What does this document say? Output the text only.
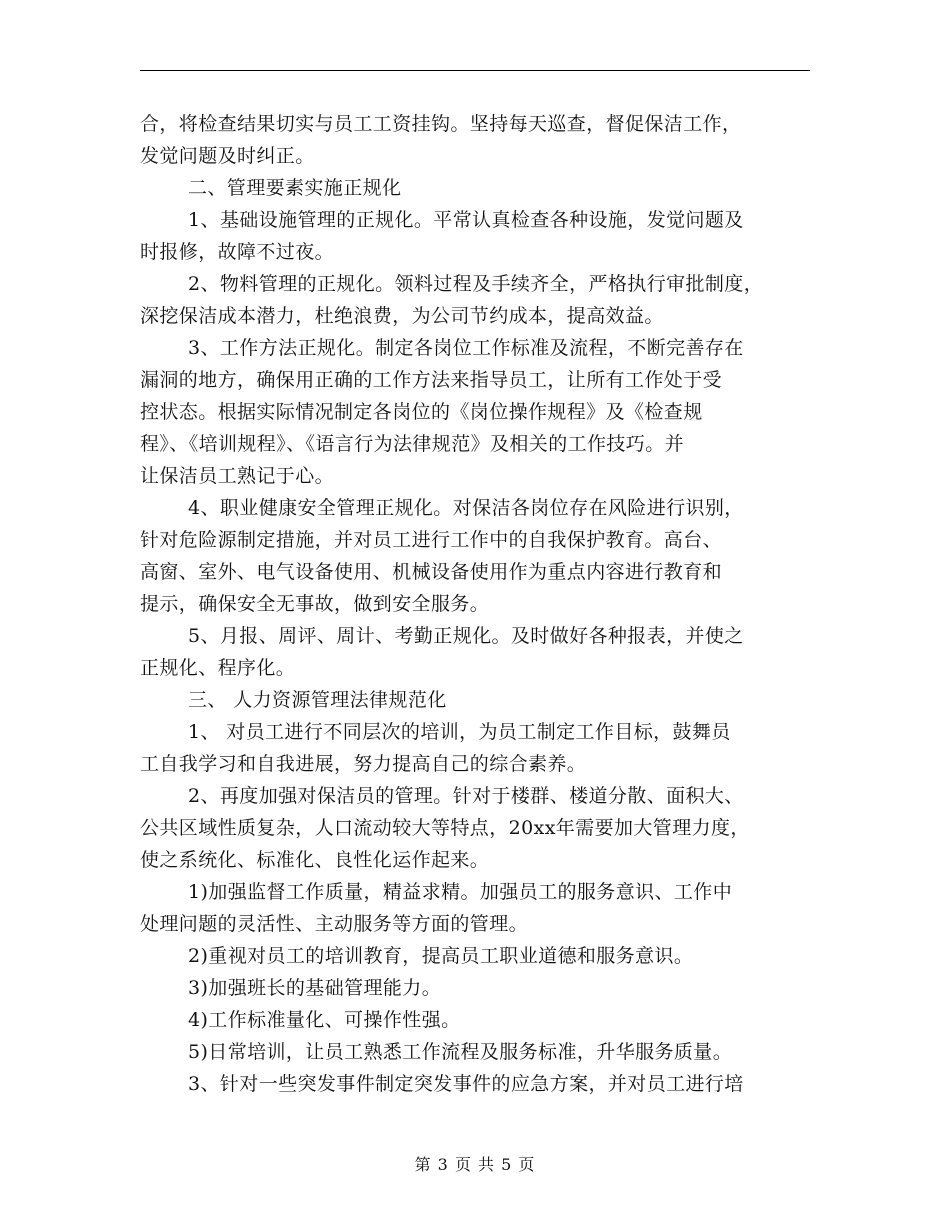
合，将检查结果切实与员工工资挂钩。坚持每天巡查，督促保洁工作，
发觉问题及时纠正。
二、管理要素实施正规化
1、基础设施管理的正规化。平常认真检查各种设施，发觉问题及
时报修，故障不过夜。
2、物料管理的正规化。领料过程及手续齐全，严格执行审批制度，
深挖保洁成本潜力，杜绝浪费，为公司节约成本，提高效益。
3、工作方法正规化。制定各岗位工作标准及流程，不断完善存在
漏洞的地方，确保用正确的工作方法来指导员工，让所有工作处于受
控状态。根据实际情况制定各岗位的《岗位操作规程》及《检查规
程》、《培训规程》、《语言行为法律规范》及相关的工作技巧。并
让保洁员工熟记于心。
4、职业健康安全管理正规化。对保洁各岗位存在风险进行识别，
针对危险源制定措施，并对员工进行工作中的自我保护教育。高台、
高窗、室外、电气设备使用、机械设备使用作为重点内容进行教育和
提示，确保安全无事故，做到安全服务。
5、月报、周评、周计、考勤正规化。及时做好各种报表，并使之
正规化、程序化。
三、 人力资源管理法律规范化
1、 对员工进行不同层次的培训，为员工制定工作目标，鼓舞员
工自我学习和自我进展，努力提高自己的综合素养。
2、再度加强对保洁员的管理。针对于楼群、楼道分散、面积大、
公共区域性质复杂，人口流动较大等特点，20xx年需要加大管理力度，
使之系统化、标准化、良性化运作起来。
1)加强监督工作质量，精益求精。加强员工的服务意识、工作中
处理问题的灵活性、主动服务等方面的管理。
2)重视对员工的培训教育，提高员工职业道德和服务意识。
3)加强班长的基础管理能力。
4)工作标准量化、可操作性强。
5)日常培训，让员工熟悉工作流程及服务标准，升华服务质量。
3、针对一些突发事件制定突发事件的应急方案，并对员工进行培
第 3 页 共 5 页
